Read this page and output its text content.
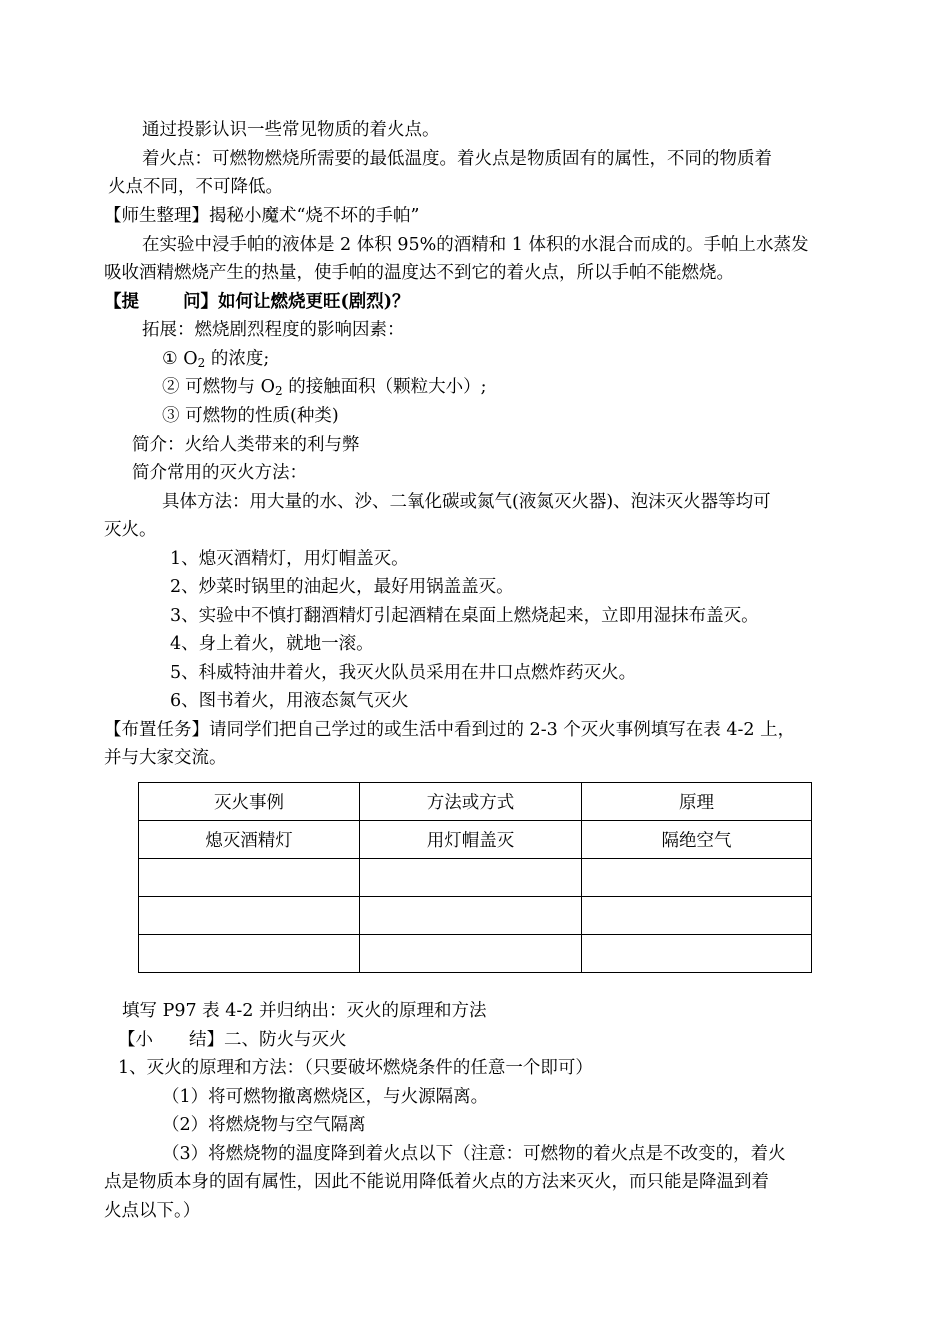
通过投影认识一些常见物质的着火点。
着火点：可燃物燃烧所需要的最低温度。着火点是物质固有的属性，不同的物质着
火点不同，不可降低。
【师生整理】揭秘小魔术“烧不坏的手帕”
在实验中浸手帕的液体是 2 体积 95%的酒精和 1 体积的水混合而成的。手帕上水蒸发
吸收酒精燃烧产生的热量，使手帕的温度达不到它的着火点，所以手帕不能燃烧。
【提	问】如何让燃烧更旺(剧烈)？
拓展：燃烧剧烈程度的影响因素：
① $O_2$ 的浓度;
② 可燃物与 $O_2$ 的接触面积（颗粒大小）;
③ 可燃物的性质(种类)
简介：火给人类带来的利与弊
简介常用的灭火方法：
具体方法：用大量的水、沙、二氧化碳或氮气(液氮灭火器)、泡沫灭火器等均可
灭火。
1、熄灭酒精灯，用灯帽盖灭。
2、炒菜时锅里的油起火，最好用锅盖盖灭。
3、实验中不慎打翻酒精灯引起酒精在桌面上燃烧起来，立即用湿抹布盖灭。
4、身上着火，就地一滚。
5、科威特油井着火，我灭火队员采用在井口点燃炸药灭火。
6、图书着火，用液态氮气灭火
【布置任务】请同学们把自己学过的或生活中看到过的 2-3 个灭火事例填写在表 4-2 上，
并与大家交流。
灭火事例	方法或方式	原理
熄灭酒精灯	用灯帽盖灭	隔绝空气

填写 P97 表 4-2 并归纳出：灭火的原理和方法
【小 结】二、防火与灭火
1、灭火的原理和方法：（只要破坏燃烧条件的任意一个即可）
（1）将可燃物撤离燃烧区，与火源隔离。
（2）将燃烧物与空气隔离
（3）将燃烧物的温度降到着火点以下（注意：可燃物的着火点是不改变的，着火
点是物质本身的固有属性，因此不能说用降低着火点的方法来灭火，而只能是降温到着
火点以下。）
